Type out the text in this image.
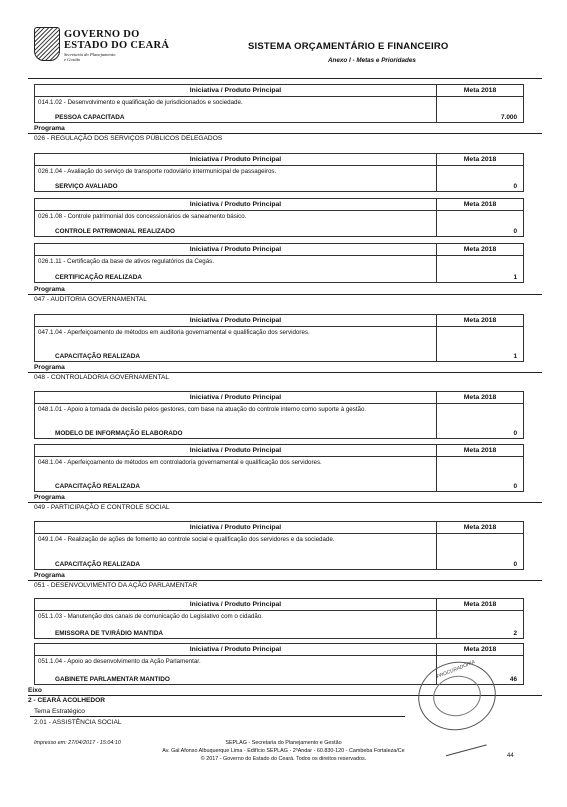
GOVERNO DO
ESTADO DO CEARÁ
Secretaria do Planejamento
e Gestão
SISTEMA ORÇAMENTÁRIO E FINANCEIRO
Anexo I - Metas e Prioridades
Iniciativa / Produto Principal	Meta 2018
014.1.02 - Desenvolvimento e qualificação de jurisdicionados e sociedade.
PESSOA CAPACITADA	7.000
Programa
026 - REGULAÇÃO DOS SERVIÇOS PÚBLICOS DELEGADOS
Iniciativa / Produto Principal	Meta 2018
026.1.04 - Avaliação do serviço de transporte rodoviário intermunicipal de passageiros.
SERVIÇO AVALIADO	0
Iniciativa / Produto Principal	Meta 2018
026.1.08 - Controle patrimonial dos concessionários de saneamento básico.
CONTROLE PATRIMONIAL REALIZADO	0
Iniciativa / Produto Principal	Meta 2018
026.1.11 - Certificação da base de ativos regulatórios da Cegás.
CERTIFICAÇÃO REALIZADA	1
Programa
047 - AUDITORIA GOVERNAMENTAL
Iniciativa / Produto Principal	Meta 2018
047.1.04 - Aperfeiçoamento de métodos em auditoria governamental e qualificação dos servidores.
CAPACITAÇÃO REALIZADA	1
Programa
048 - CONTROLADORIA GOVERNAMENTAL
Iniciativa / Produto Principal	Meta 2018
048.1.01 - Apoio à tomada de decisão pelos gestores, com base na atuação do controle interno como suporte à gestão.
MODELO DE INFORMAÇÃO ELABORADO	0
Iniciativa / Produto Principal	Meta 2018
048.1.04 - Aperfeiçoamento de métodos em controladoria governamental e qualificação dos servidores.
CAPACITAÇÃO REALIZADA	0
Programa
049 - PARTICIPAÇÃO E CONTROLE SOCIAL
Iniciativa / Produto Principal	Meta 2018
049.1.04 - Realização de ações de fomento ao controle social e qualificação dos servidores e da sociedade.
CAPACITAÇÃO REALIZADA	0
Programa
051 - DESENVOLVIMENTO DA AÇÃO PARLAMENTAR
Iniciativa / Produto Principal	Meta 2018
051.1.03 - Manutenção dos canais de comunicação do Legislativo com o cidadão.
EMISSORA DE TV/RÁDIO MANTIDA	2
Iniciativa / Produto Principal	Meta 2018
051.1.04 - Apoio ao desenvolvimento da Ação Parlamentar.
GABINETE PARLAMENTAR MANTIDO	46
Eixo
2 - CEARÁ ACOLHEDOR
Tema Estratégico
2.01 - ASSISTÊNCIA SOCIAL
PROCURADORIA
Impresso em: 27/04/2017 - 15:04:10	SEPLAG - Secretaria do Planejamento e Gestão
Av. Gal Afonso Albuquerque Lima - Edifício SEPLAG - 2ºAndar - 60.830-120 - Cambeba Fortaleza/Ce
© 2017 - Governo do Estado do Ceará. Todos os direitos reservados.	44
